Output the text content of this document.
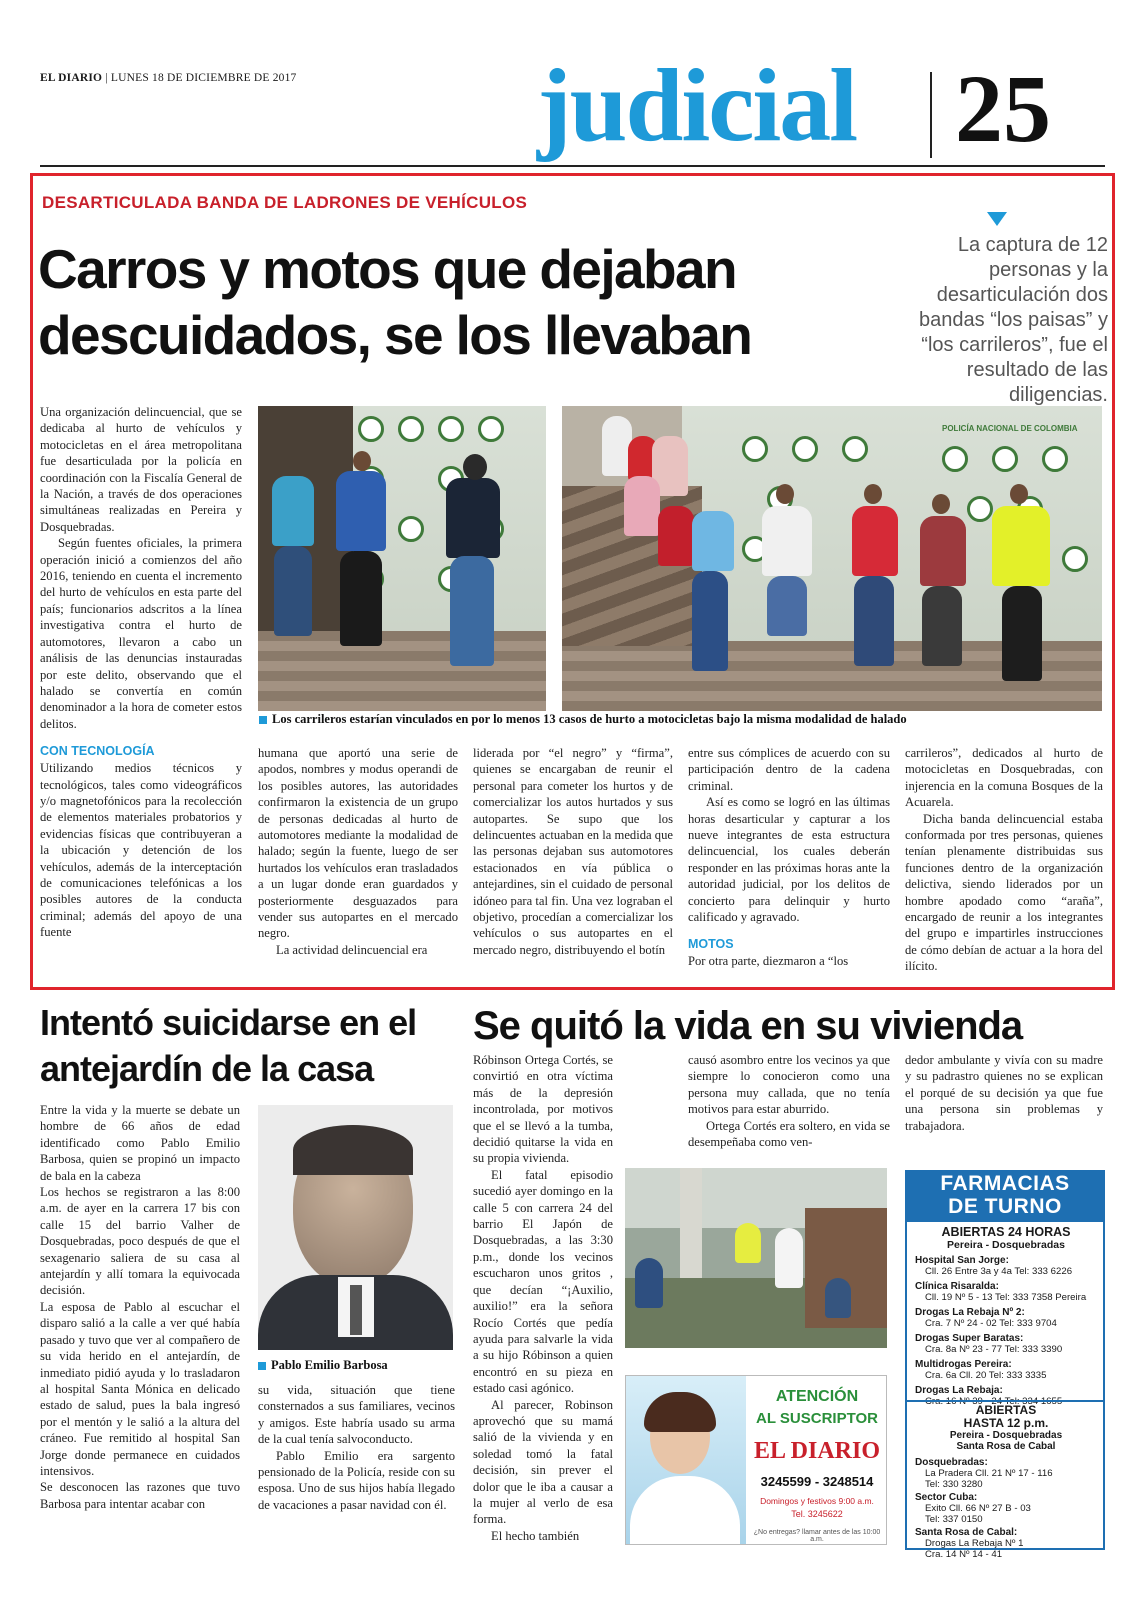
EL DIARIO | LUNES 18 DE DICIEMBRE DE 2017 judicial 25
DESARTICULADA BANDA DE LADRONES DE VEHÍCULOS
Carros y motos que dejaban descuidados, se los llevaban
La captura de 12 personas y la desarticulación dos bandas “los paisas” y “los carrileros”, fue el resultado de las diligencias.
POLICÍA NACIONAL DE COLOMBIA
Los carrileros estarían vinculados en por lo menos 13 casos de hurto a motocicletas bajo la misma modalidad de halado

Una organización delincuencial, que se dedicaba al hurto de vehículos y motocicletas en el área metropolitana fue desarticulada por la policía en coordinación con la Fiscalía General de la Nación, a través de dos operaciones simultáneas realizadas en Pereira y Dosquebradas.

Según fuentes oficiales, la primera operación inició a comienzos del año 2016, teniendo en cuenta el incremento del hurto de vehículos en esta parte del país; funcionarios adscritos a la línea investigativa contra el hurto de automotores, llevaron a cabo un análisis de las denuncias instauradas por este delito, observando que el halado se convertía en común denominador a la hora de cometer estos delitos.

CON TECNOLOGÍA

Utilizando medios técnicos y tecnológicos, tales como videográficos y/o magnetofónicos para la recolección de elementos materiales probatorios y evidencias físicas que contribuyeran a la ubicación y detención de los vehículos, además de la interceptación de comunicaciones telefónicas a los posibles autores de la conducta criminal; además del apoyo de una fuente

humana que aportó una serie de apodos, nombres y modus operandi de los posibles autores, las autoridades confirmaron la existencia de un grupo de personas dedicadas al hurto de automotores mediante la modalidad de halado; según la fuente, luego de ser hurtados los vehículos eran trasladados a un lugar donde eran guardados y posteriormente desguazados para vender sus autopartes en el mercado negro.

La actividad delincuencial era

liderada por “el negro” y “firma”, quienes se encargaban de reunir el personal para cometer los hurtos y de comercializar los autos hurtados y sus autopartes. Se supo que los delincuentes actuaban en la medida que las personas dejaban sus automotores estacionados en vía pública o antejardines, sin el cuidado de personal idóneo para tal fin. Una vez lograban el objetivo, procedían a comercializar los vehículos o sus autopartes en el mercado negro, distribuyendo el botín

entre sus cómplices de acuerdo con su participación dentro de la cadena criminal.

Así es como se logró en las últimas horas desarticular y capturar a los nueve integrantes de esta estructura delincuencial, los cuales deberán responder en las próximas horas ante la autoridad judicial, por los delitos de concierto para delinquir y hurto calificado y agravado.

MOTOS

Por otra parte, diezmaron a “los

carrileros”, dedicados al hurto de motocicletas en Dosquebradas, con injerencia en la comuna Bosques de la Acuarela.

Dicha banda delincuencial estaba conformada por tres personas, quienes tenían plenamente distribuidas sus funciones dentro de la organización delictiva, siendo liderados por un hombre apodado como “araña”, encargado de reunir a los integrantes del grupo e impartirles instrucciones de cómo debían de actuar a la hora del ilícito.

Intentó suicidarse en el antejardín de la casa

Entre la vida y la muerte se debate un hombre de 66 años de edad identificado como Pablo Emilio Barbosa, quien se propinó un impacto de bala en la cabeza
Los hechos se registraron a las 8:00 a.m. de ayer en la carrera 17 bis con calle 15 del barrio Valher de Dosquebradas, poco después de que el sexagenario saliera de su casa al antejardín y allí tomara la equivocada decisión.
La esposa de Pablo al escuchar el disparo salió a la calle a ver qué había pasado y tuvo que ver al compañero de su vida herido en el antejardín, de inmediato pidió ayuda y lo trasladaron al hospital Santa Mónica en delicado estado de salud, pues la bala ingresó por el mentón y le salió a la altura del cráneo. Fue remitido al hospital San Jorge donde permanece en cuidados intensivos.
Se desconocen las razones que tuvo Barbosa para intentar acabar con

Pablo Emilio Barbosa

su vida, situación que tiene consternados a sus familiares, vecinos y amigos. Este habría usado su arma de la cual tenía salvoconducto.

Pablo Emilio era sargento pensionado de la Policía, reside con su esposa. Uno de sus hijos había llegado de vacaciones a pasar navidad con él.

Se quitó la vida en su vivienda

Róbinson Ortega Cortés, se convirtió en otra víctima más de la depresión incontrolada, por motivos que el se llevó a la tumba, decidió quitarse la vida en su propia vivienda.

El fatal episodio sucedió ayer domingo en la calle 5 con carrera 24 del barrio El Japón de Dosquebradas, a las 3:30 p.m., donde los vecinos escucharon unos gritos , que decían “¡Auxilio, auxilio!” era la señora Rocío Cortés que pedía ayuda para salvarle la vida a su hijo Róbinson a quien encontró en su pieza en estado casi agónico.

Al parecer, Robinson aprovechó que su mamá salió de la vivienda y en soledad tomó la fatal decisión, sin prever el dolor que le iba a causar a la mujer al verlo de esa forma.

El hecho también

causó asombro entre los vecinos ya que siempre lo conocieron como una persona muy callada, que no tenía motivos para estar aburrido.

Ortega Cortés era soltero, en vida se desempeñaba como ven-

dedor ambulante y vivía con su madre y su padrastro quienes no se explican el porqué de su decisión ya que fue una persona sin problemas y trabajadora.

ATENCIÓN
AL SUSCRIPTOR
EL DIARIO
3245599 - 3248514
Domingos y festivos 9:00 a.m.
Tel. 3245622
¿No entregas? llamar antes de las 10:00 a.m.
FARMACIAS
DE TURNO
ABIERTAS 24 HORAS
Pereira - Dosquebradas
Hospital San Jorge:
Cll. 26 Entre 3a y 4a Tel: 333 6226
Clínica Risaralda:
Cll. 19 Nº 5 - 13 Tel: 333 7358 Pereira
Drogas La Rebaja Nº 2:
Cra. 7 Nº 24 - 02 Tel: 333 9704
Drogas Super Baratas:
Cra. 8a Nº 23 - 77 Tel: 333 3390
Multidrogas Pereira:
Cra. 6a Cll. 20 Tel: 333 3335
Drogas La Rebaja:
ABIERTAS
HASTA 12 p.m.
Pereira - Dosquebradas
Santa Rosa de Cabal
Dosquebradas:
La Pradera Cll. 21 Nº 17 - 116
Tel: 330 3280
Sector Cuba:
Exito Cll. 66 Nº 27 B - 03
Tel: 337 0150
Santa Rosa de Cabal:
Drogas La Rebaja Nº 1
Cra. 14 Nº 14 - 41
